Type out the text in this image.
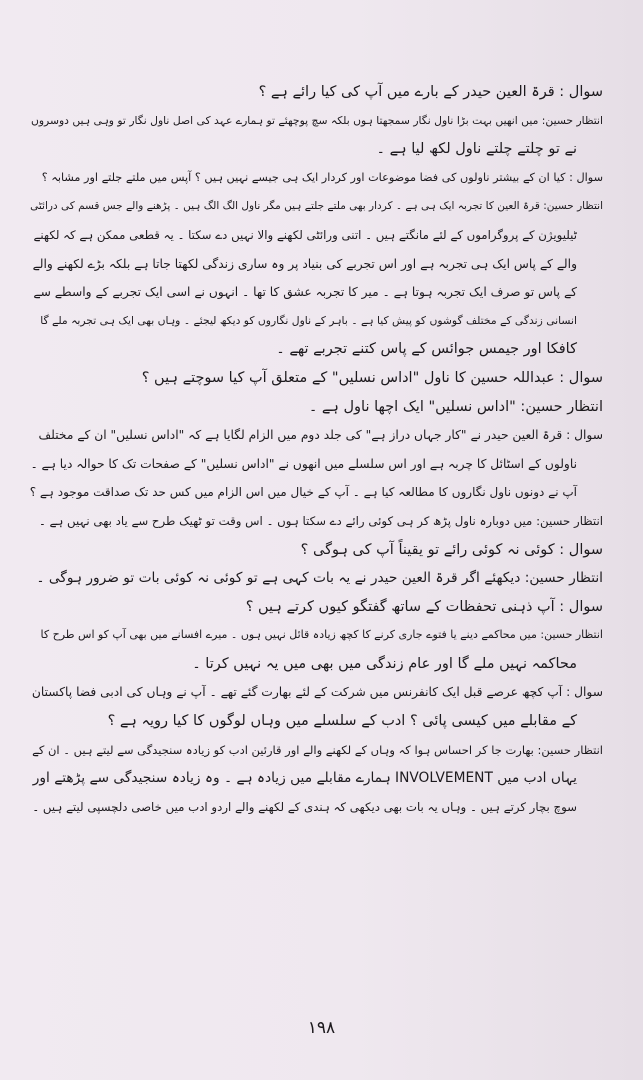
سوال : قرۃ العین حیدر کے بارے میں آپ کی کیا رائے ہے ؟

انتظار حسین: میں انھیں بہت بڑا ناول نگار سمجھتا ہوں بلکہ سچ پوچھئے تو ہمارے عہد کی اصل ناول نگار تو وہی ہیں دوسروں

نے تو چلتے چلتے ناول لکھ لیا ہے ۔

سوال : کیا ان کے بیشتر ناولوں کی فضا موضوعات اور کردار ایک ہی جیسے نہیں ہیں ؟ آپس میں ملتے جلتے اور مشابہ ؟

انتظار حسین: قرۃ العین کا تجربہ ایک ہی ہے ۔ کردار بھی ملتے جلتے ہیں مگر ناول الگ الگ ہیں ۔ پڑھنے والے جس قسم کی درائٹی

ٹیلیویژن کے پروگراموں کے لئے مانگتے ہیں ۔ اتنی ورائٹی لکھنے والا نہیں دے سکتا ۔ یہ قطعی ممکن ہے کہ لکھنے

والے کے پاس ایک ہی تجربہ ہے اور اس تجربے کی بنیاد پر وہ ساری زندگی لکھتا جاتا ہے بلکہ بڑے لکھنے والے

کے پاس تو صرف ایک تجربہ ہوتا ہے ۔ میر کا تجربہ عشق کا تھا ۔ انہوں نے اسی ایک تجربے کے واسطے سے

انسانی زندگی کے مختلف گوشوں کو پیش کیا ہے ۔ باہر کے ناول نگاروں کو دیکھ لیجئے ۔ وہاں بھی ایک ہی تجربہ ملے گا

کافکا اور جیمس جوائس کے پاس کتنے تجربے تھے ۔

سوال : عبداللہ حسین کا ناول "اداس نسلیں" کے متعلق آپ کیا سوچتے ہیں ؟

انتظار حسین: "اداس نسلیں" ایک اچھا ناول ہے ۔

سوال : قرۃ العین حیدر نے "کار جہاں دراز ہے" کی جلد دوم میں الزام لگایا ہے کہ "اداس نسلیں" ان کے مختلف

ناولوں کے اسٹائل کا چربہ ہے اور اس سلسلے میں انھوں نے "اداس نسلیں" کے صفحات تک کا حوالہ دیا ہے ۔

آپ نے دونوں ناول نگاروں کا مطالعہ کیا ہے ۔ آپ کے خیال میں اس الزام میں کس حد تک صداقت موجود ہے ؟

انتظار حسین: میں دوبارہ ناول پڑھ کر ہی کوئی رائے دے سکتا ہوں ۔ اس وقت تو ٹھیک طرح سے یاد بھی نہیں ہے ۔

سوال : کوئی نہ کوئی رائے تو یقیناً آپ کی ہوگی ؟

انتظار حسین: دیکھئے اگر قرۃ العین حیدر نے یہ بات کہی ہے تو کوئی نہ کوئی بات تو ضرور ہوگی ۔

سوال : آپ ذہنی تحفظات کے ساتھ گفتگو کیوں کرتے ہیں ؟

انتظار حسین: میں محاکمے دینے یا فتوے جاری کرنے کا کچھ زیادہ قائل نہیں ہوں ۔ میرے افسانے میں بھی آپ کو اس طرح کا

محاکمہ نہیں ملے گا اور عام زندگی میں بھی میں یہ نہیں کرتا ۔

سوال : آپ کچھ عرصے قبل ایک کانفرنس میں شرکت کے لئے بھارت گئے تھے ۔ آپ نے وہاں کی ادبی فضا پاکستان

کے مقابلے میں کیسی پائی ؟ ادب کے سلسلے میں وہاں لوگوں کا کیا رویہ ہے ؟

انتظار حسین: بھارت جا کر احساس ہوا کہ وہاں کے لکھنے والے اور قارئین ادب کو زیادہ سنجیدگی سے لیتے ہیں ۔ ان کے

یہاں ادب میں INVOLVEMENT ہمارے مقابلے میں زیادہ ہے ۔ وہ زیادہ سنجیدگی سے پڑھتے اور

سوچ بچار کرتے ہیں ۔ وہاں یہ بات بھی دیکھی کہ ہندی کے لکھنے والے اردو ادب میں خاصی دلچسپی لیتے ہیں ۔

۱۹۸
